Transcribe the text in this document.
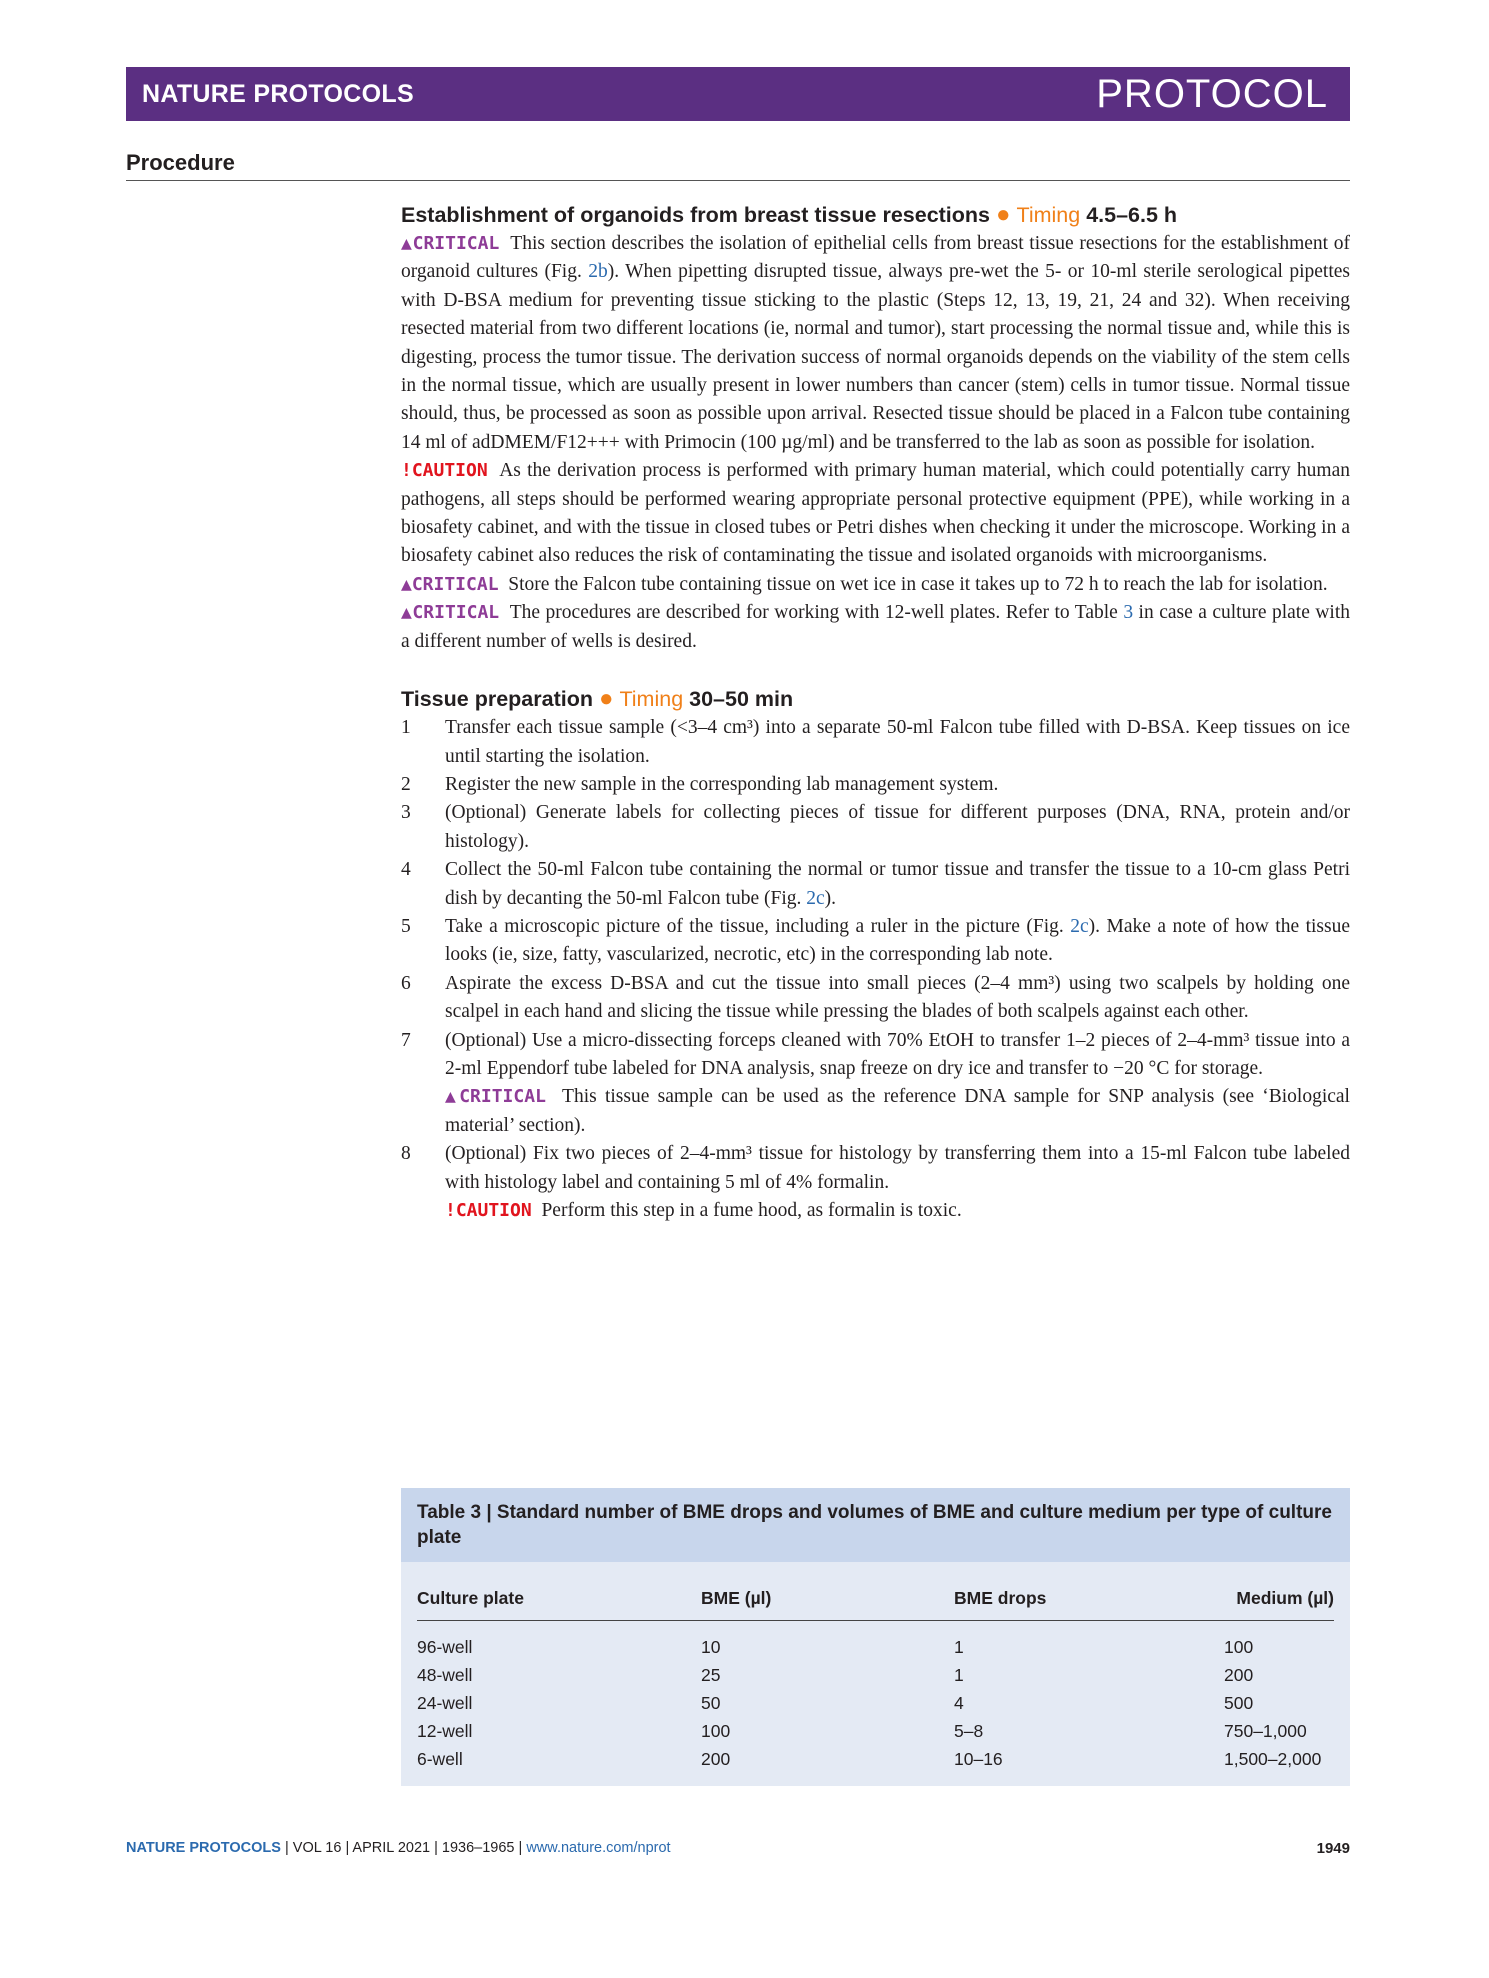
NATURE PROTOCOLS	PROTOCOL
Procedure

Establishment of organoids from breast tissue resections ● Timing 4.5–6.5 h

▲CRITICAL This section describes the isolation of epithelial cells from breast tissue resections for the establishment of organoid cultures (Fig. 2b). When pipetting disrupted tissue, always pre-wet the 5- or 10-ml sterile serological pipettes with D-BSA medium for preventing tissue sticking to the plastic (Steps 12, 13, 19, 21, 24 and 32). When receiving resected material from two different locations (ie, normal and tumor), start processing the normal tissue and, while this is digesting, process the tumor tissue. The derivation success of normal organoids depends on the viability of the stem cells in the normal tissue, which are usually present in lower numbers than cancer (stem) cells in tumor tissue. Normal tissue should, thus, be processed as soon as possible upon arrival. Resected tissue should be placed in a Falcon tube containing 14 ml of adDMEM/F12+++ with Primocin (100 µg/ml) and be transferred to the lab as soon as possible for isolation.

!CAUTION As the derivation process is performed with primary human material, which could potentially carry human pathogens, all steps should be performed wearing appropriate personal protective equipment (PPE), while working in a biosafety cabinet, and with the tissue in closed tubes or Petri dishes when checking it under the microscope. Working in a biosafety cabinet also reduces the risk of contaminating the tissue and isolated organoids with microorganisms.

▲CRITICAL Store the Falcon tube containing tissue on wet ice in case it takes up to 72 h to reach the lab for isolation.

▲CRITICAL The procedures are described for working with 12-well plates. Refer to Table 3 in case a culture plate with a different number of wells is desired.

Tissue preparation ● Timing 30–50 min

1	Transfer each tissue sample (<3–4 cm³) into a separate 50-ml Falcon tube filled with D-BSA. Keep tissues on ice until starting the isolation.
2	Register the new sample in the corresponding lab management system.
3	(Optional) Generate labels for collecting pieces of tissue for different purposes (DNA, RNA, protein and/or histology).
4	Collect the 50-ml Falcon tube containing the normal or tumor tissue and transfer the tissue to a 10-cm glass Petri dish by decanting the 50-ml Falcon tube (Fig. 2c).
5	Take a microscopic picture of the tissue, including a ruler in the picture (Fig. 2c). Make a note of how the tissue looks (ie, size, fatty, vascularized, necrotic, etc) in the corresponding lab note.
6	Aspirate the excess D-BSA and cut the tissue into small pieces (2–4 mm³) using two scalpels by holding one scalpel in each hand and slicing the tissue while pressing the blades of both scalpels against each other.
7	(Optional) Use a micro-dissecting forceps cleaned with 70% EtOH to transfer 1–2 pieces of 2–4-mm³ tissue into a 2-ml Eppendorf tube labeled for DNA analysis, snap freeze on dry ice and transfer to −20 °C for storage.
▲CRITICAL This tissue sample can be used as the reference DNA sample for SNP analysis (see ‘Biological material’ section).
8	(Optional) Fix two pieces of 2–4-mm³ tissue for histology by transferring them into a 15-ml Falcon tube labeled with histology label and containing 5 ml of 4% formalin.
!CAUTION Perform this step in a fume hood, as formalin is toxic.
Table 3 | Standard number of BME drops and volumes of BME and culture medium per type of culture plate
Culture plate	BME (µl)	BME drops	Medium (µl)
96-well	10	1	100
48-well	25	1	200
24-well	50	4	500
12-well	100	5–8	750–1,000
6-well	200	10–16	1,500–2,000
NATURE PROTOCOLS | VOL 16 | APRIL 2021 | 1936–1965 | www.nature.com/nprot	1949
